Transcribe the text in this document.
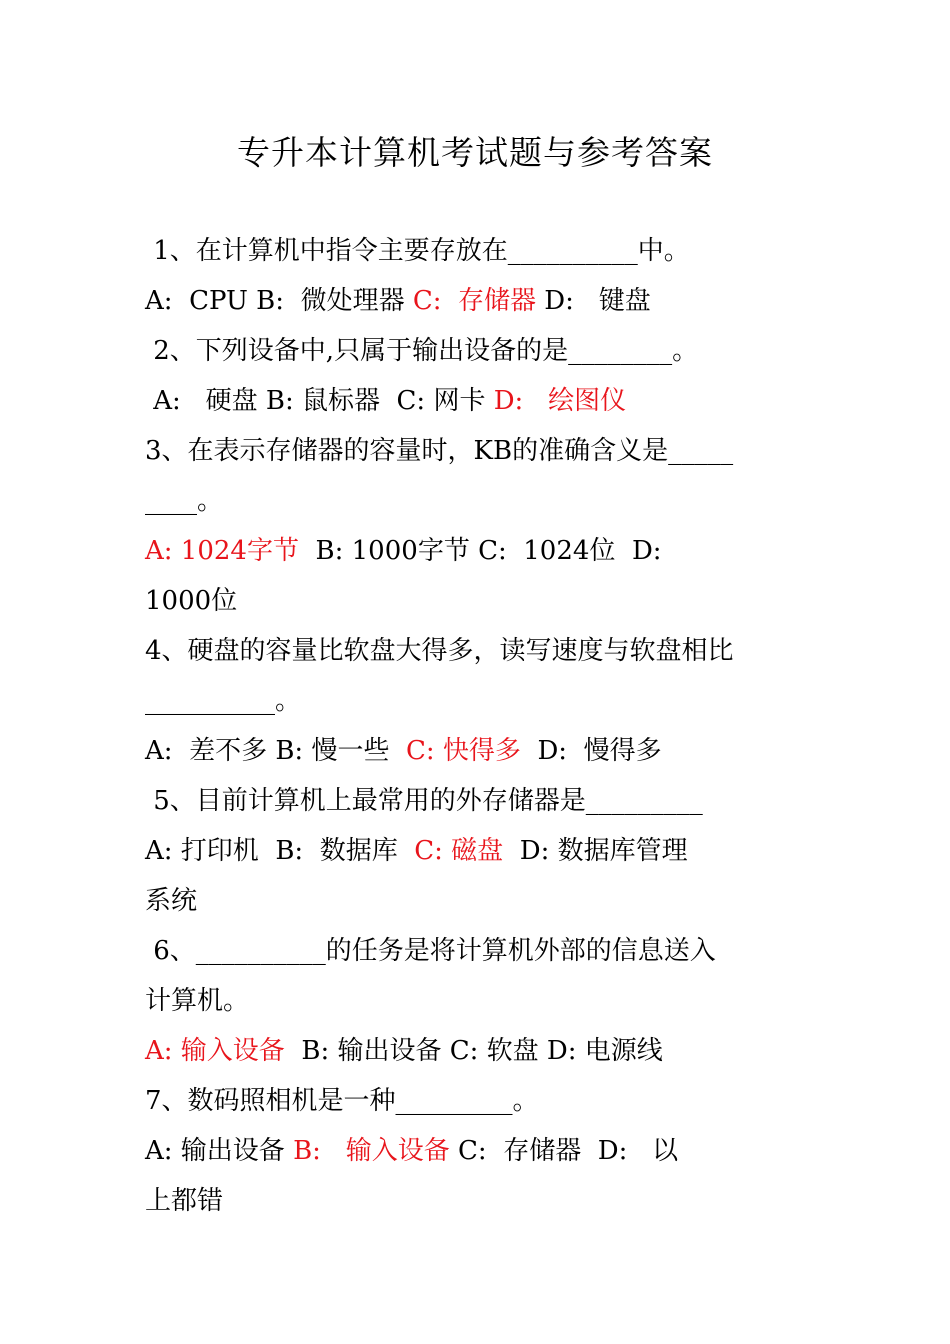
专升本计算机考试题与参考答案
1、在计算机中指令主要存放在__________中。
A:  CPU B:  微处理器 C:  存储器 D:   键盘
2、下列设备中,只属于输出设备的是________。
A:   硬盘 B: 鼠标器  C: 网卡 D:   绘图仪
3、在表示存储器的容量时，KB的准确含义是_____
____。
A: 1024字节  B: 1000字节 C:  1024位  D:
1000位
4、硬盘的容量比软盘大得多，读写速度与软盘相比
__________。
A:  差不多 B: 慢一些  C: 快得多  D:  慢得多
5、目前计算机上最常用的外存储器是_________
A: 打印机  B:  数据库  C: 磁盘  D: 数据库管理
系统
6、__________的任务是将计算机外部的信息送入
计算机。
A: 输入设备  B: 输出设备 C: 软盘 D: 电源线
7、数码照相机是一种_________。
A: 输出设备 B:   输入设备 C:  存储器  D:   以
上都错
